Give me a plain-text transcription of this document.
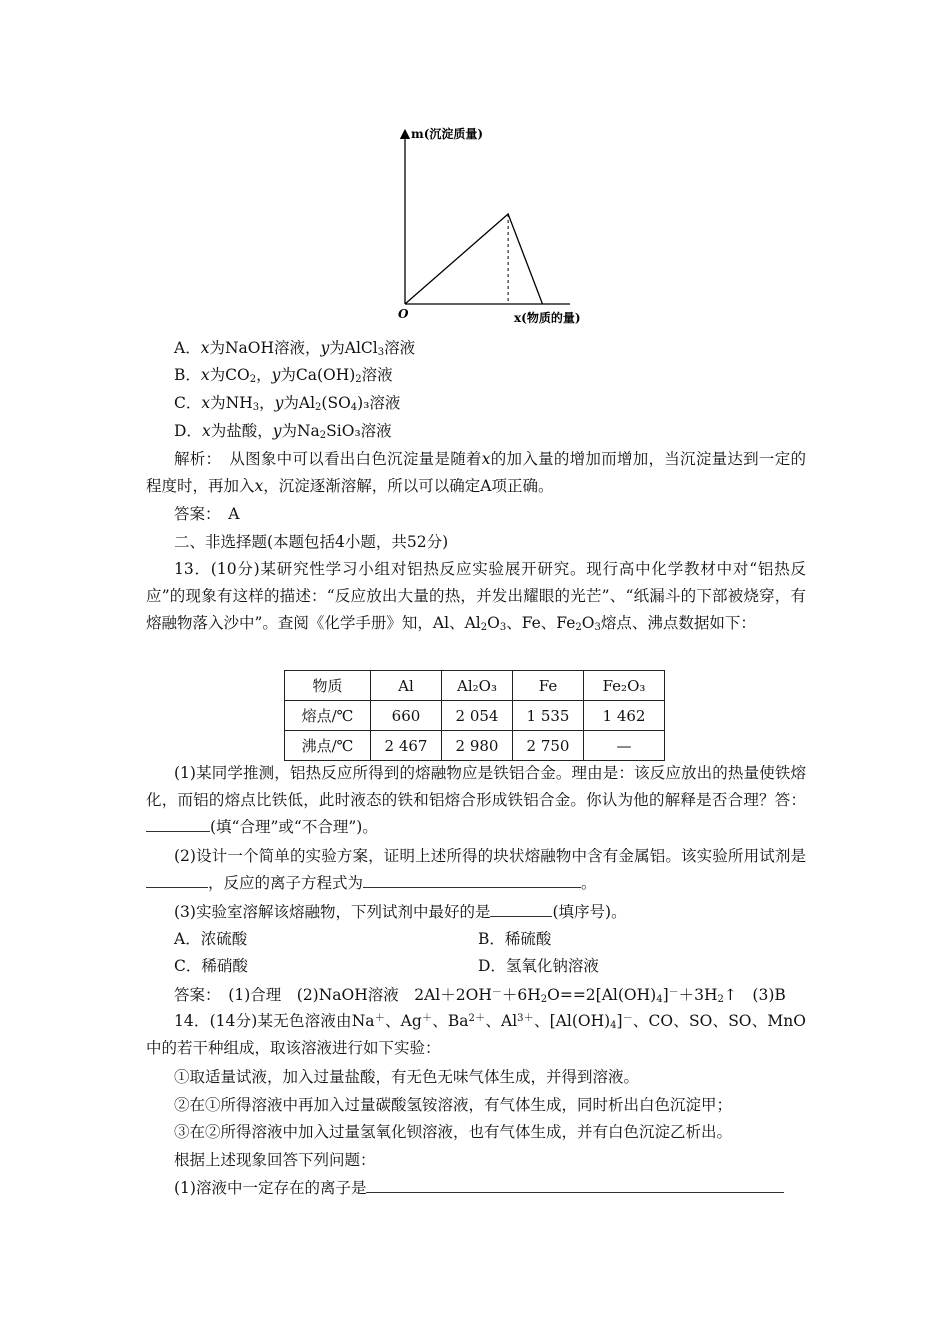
m(沉淀质量)
O	x(物质的量)
A．x为NaOH溶液，y为AlCl$_3$溶液
B．x为$CO_2$，y为$Ca(OH)_2$溶液
C．x为$NH_3$，y为$Al_2(SO_4)_3$溶液
D．x为盐酸，y为$Na_2SiO_3$溶液
解析：　 从图象中可以看出白色沉淀量是随着x的加入量的增加而增加，当沉淀量达到一定的程度时，再加入x，沉淀逐渐溶解，所以可以确定A项正确。
答案：　 A
二、非选择题(本题包括4小题，共52分)
13．(10分)某研究性学习小组对铝热反应实验展开研究。现行高中化学教材中对“铝热反应”的现象有这样的描述：“反应放出大量的热，并发出耀眼的光芒”、“纸漏斗的下部被烧穿，有熔融物落入沙中”。查阅《化学手册》知，Al、$Al_2O_3$、Fe、$Fe_2O_3$熔点、沸点数据如下：
物质	Al	Al₂O₃	Fe	Fe₂O₃
熔点/℃	660	2 054	1 535	1 462
沸点/℃	2 467	2 980	2 750	—
(1)某同学推测，铝热反应所得到的熔融物应是铁铝合金。理由是：该反应放出的热量使铁熔化，而铝的熔点比铁低，此时液态的铁和铝熔合形成铁铝合金。你认为他的解释是否合理？答：(填“合理”或“不合理”)。
(2)设计一个简单的实验方案，证明上述所得的块状熔融物中含有金属铝。该实验所用试剂是，反应的离子方程式为	。
(3)实验室溶解该熔融物，下列试剂中最好的是	(填序号)。
A．浓硫酸	B．稀硫酸
C．稀硝酸	D．氢氧化钠溶液
答案：　 (1)合理　 (2)NaOH溶液　$2Al+2OH^-+6H_2O==2[Al(OH)_4]^-+3H_2↑$　 (3)B
14．(14分)某无色溶液由Na＋、Ag＋、$Ba^{2+}$、$Al^{3+}$、$[Al(OH)_4]^-$、CO、SO、SO、MnO中的若干种组成，取该溶液进行如下实验：
①取适量试液，加入过量盐酸，有无色无味气体生成，并得到溶液。
②在①所得溶液中再加入过量碳酸氢铵溶液，有气体生成，同时析出白色沉淀甲；
③在②所得溶液中加入过量氢氧化钡溶液，也有气体生成，并有白色沉淀乙析出。
根据上述现象回答下列问题：
(1)溶液中一定存在的离子是
